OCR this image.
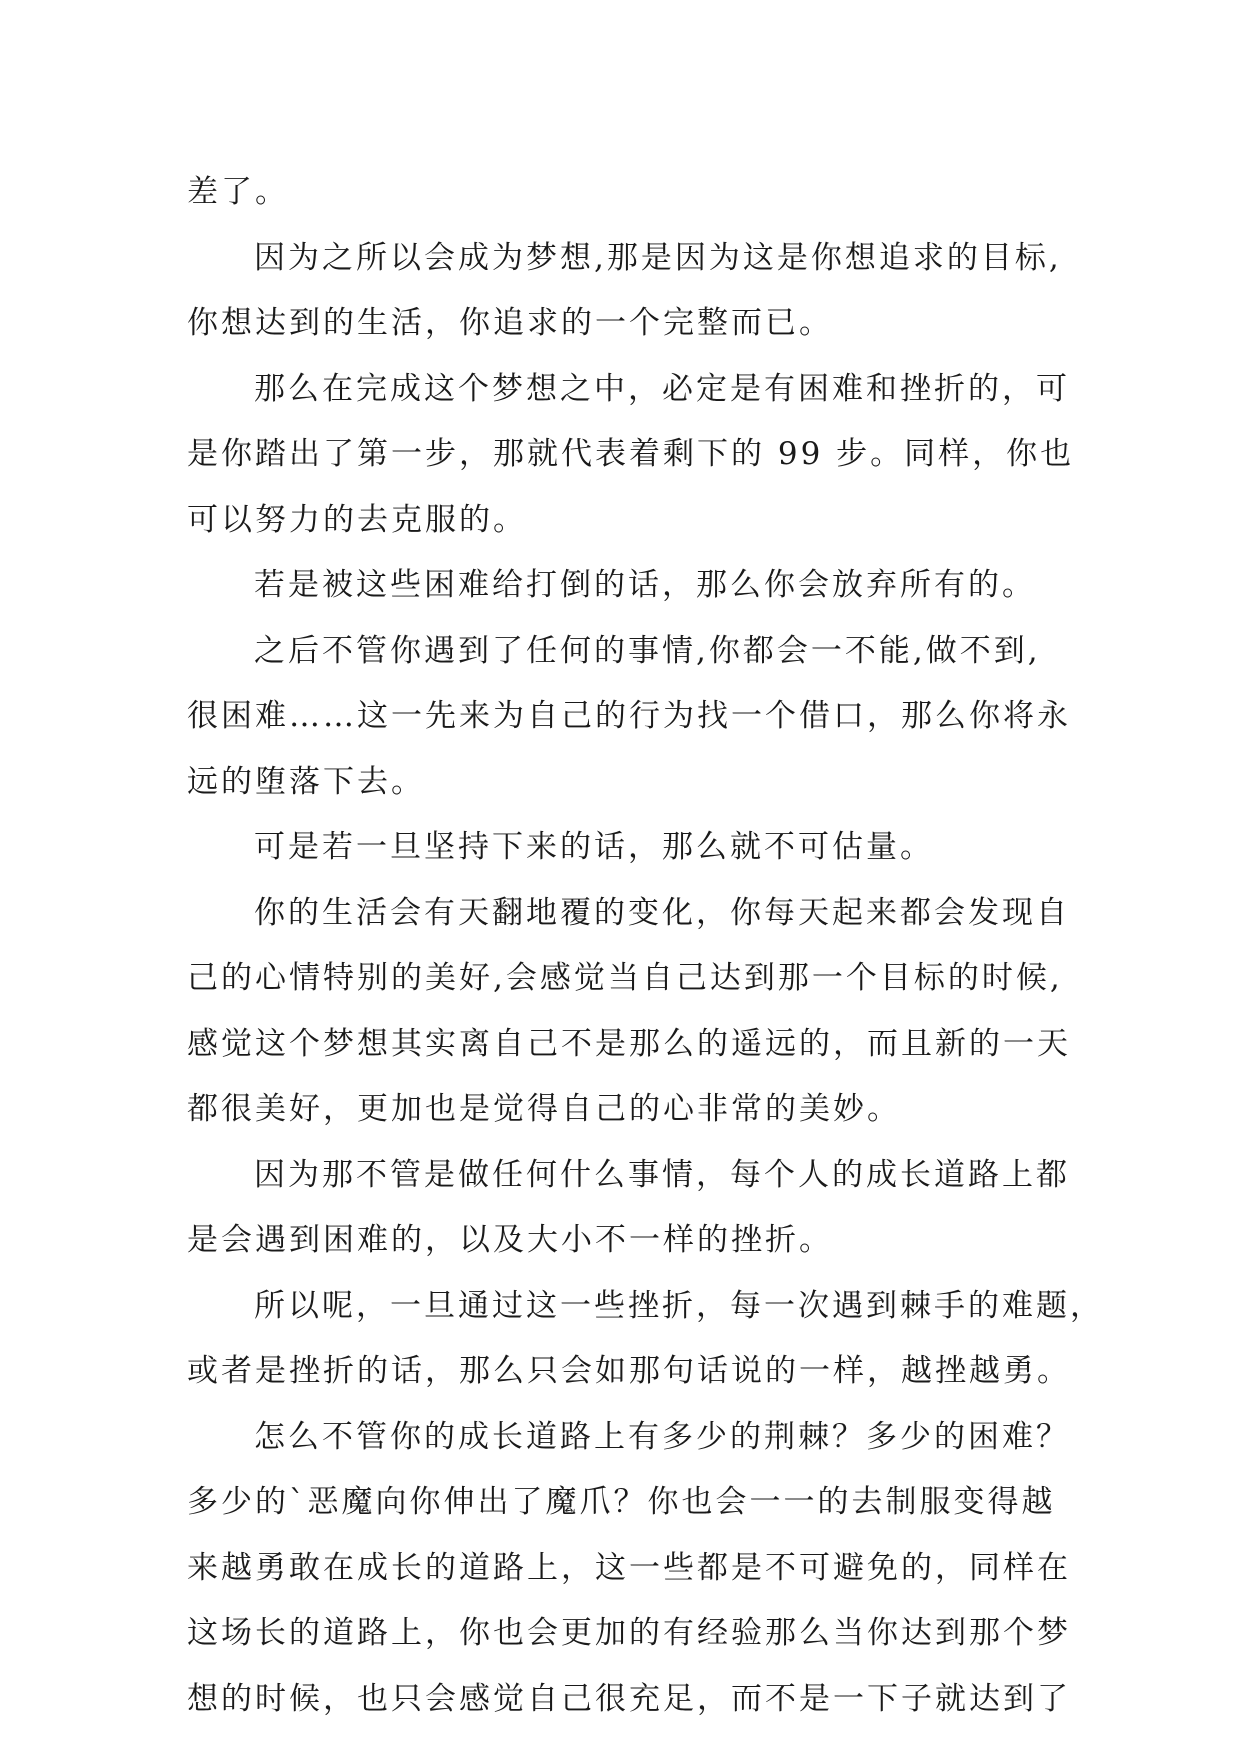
差了。
因为之所以会成为梦想,那是因为这是你想追求的目标,
你想达到的生活，你追求的一个完整而已。
那么在完成这个梦想之中，必定是有困难和挫折的，可
是你踏出了第一步，那就代表着剩下的 99 步。同样，你也
可以努力的去克服的。
若是被这些困难给打倒的话，那么你会放弃所有的。
之后不管你遇到了任何的事情,你都会一不能,做不到,
很困难……这一先来为自己的行为找一个借口，那么你将永
远的堕落下去。
可是若一旦坚持下来的话，那么就不可估量。
你的生活会有天翻地覆的变化，你每天起来都会发现自
己的心情特别的美好,会感觉当自己达到那一个目标的时候,
感觉这个梦想其实离自己不是那么的遥远的，而且新的一天
都很美好，更加也是觉得自己的心非常的美妙。
因为那不管是做任何什么事情，每个人的成长道路上都
是会遇到困难的，以及大小不一样的挫折。
所以呢，一旦通过这一些挫折，每一次遇到棘手的难题，
或者是挫折的话，那么只会如那句话说的一样，越挫越勇。
怎么不管你的成长道路上有多少的荆棘？多少的困难？
多少的`恶魔向你伸出了魔爪？你也会一一的去制服变得越
来越勇敢在成长的道路上，这一些都是不可避免的，同样在
这场长的道路上，你也会更加的有经验那么当你达到那个梦
想的时候，也只会感觉自己很充足，而不是一下子就达到了
